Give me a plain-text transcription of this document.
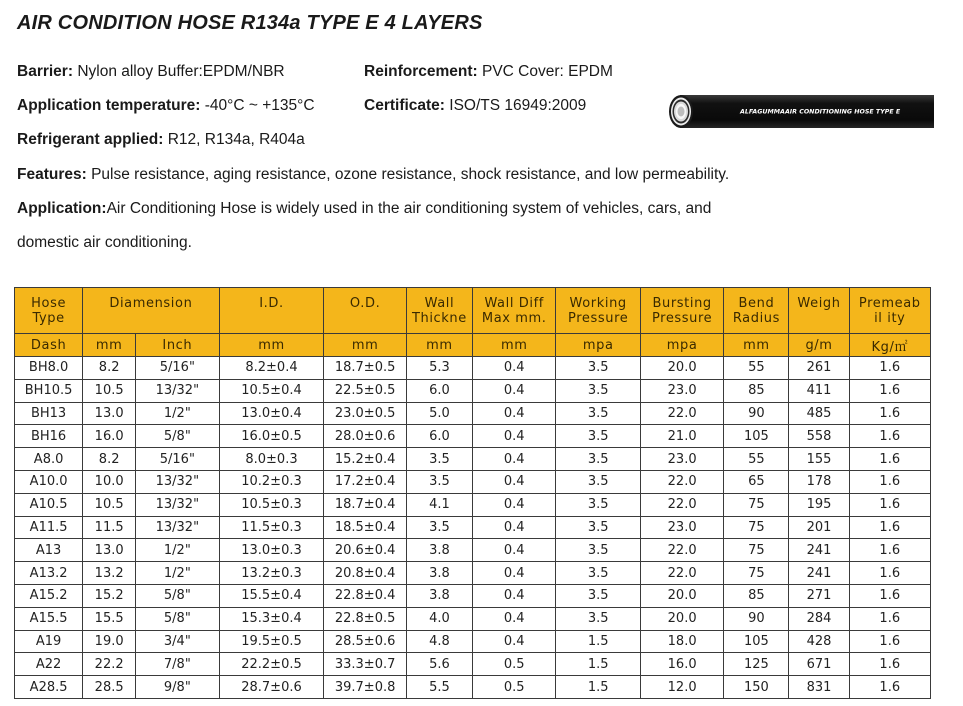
AIR CONDITION HOSE R134a TYPE E 4 LAYERS
Barrier: Nylon alloy Buffer:EPDM/NBR	Reinforcement: PVC Cover: EPDM
Application temperature: -40°C ~ +135°C	Certificate: ISO/TS 16949:2009
Refrigerant applied: R12, R134a, R404a
Features: Pulse resistance, aging resistance, ozone resistance, shock resistance, and low permeability.
Application:Air Conditioning Hose is widely used in the air conditioning system of vehicles, cars, and
domestic air conditioning.
ALFAGUMMAAIR CONDITIONING HOSE TYPE E
Hose	Diamension		I.D.	O.D.	Wall	Wall Diff	Working	Bursting	Bend	Weigh	Premeab
Type					Thickne	Max mm.	Pressure	Pressure	Radius		il ity
Dash	mm	Inch	mm	mm	mm	mm	mpa	mpa	mm	g/m	Kg/㎡
BH8.0	8.2	5/16"	8.2±0.4	18.7±0.5	5.3	0.4	3.5	20.0	55	261	1.6
BH10.5	10.5	13/32"	10.5±0.4	22.5±0.5	6.0	0.4	3.5	23.0	85	411	1.6
BH13	13.0	1/2"	13.0±0.4	23.0±0.5	5.0	0.4	3.5	22.0	90	485	1.6
BH16	16.0	5/8"	16.0±0.5	28.0±0.6	6.0	0.4	3.5	21.0	105	558	1.6
A8.0	8.2	5/16"	8.0±0.3	15.2±0.4	3.5	0.4	3.5	23.0	55	155	1.6
A10.0	10.0	13/32"	10.2±0.3	17.2±0.4	3.5	0.4	3.5	22.0	65	178	1.6
A10.5	10.5	13/32"	10.5±0.3	18.7±0.4	4.1	0.4	3.5	22.0	75	195	1.6
A11.5	11.5	13/32"	11.5±0.3	18.5±0.4	3.5	0.4	3.5	23.0	75	201	1.6
A13	13.0	1/2"	13.0±0.3	20.6±0.4	3.8	0.4	3.5	22.0	75	241	1.6
A13.2	13.2	1/2"	13.2±0.3	20.8±0.4	3.8	0.4	3.5	22.0	75	241	1.6
A15.2	15.2	5/8"	15.5±0.4	22.8±0.4	3.8	0.4	3.5	20.0	85	271	1.6
A15.5	15.5	5/8"	15.3±0.4	22.8±0.5	4.0	0.4	3.5	20.0	90	284	1.6
A19	19.0	3/4"	19.5±0.5	28.5±0.6	4.8	0.4	1.5	18.0	105	428	1.6
A22	22.2	7/8"	22.2±0.5	33.3±0.7	5.6	0.5	1.5	16.0	125	671	1.6
A28.5	28.5	9/8"	28.7±0.6	39.7±0.8	5.5	0.5	1.5	12.0	150	831	1.6
